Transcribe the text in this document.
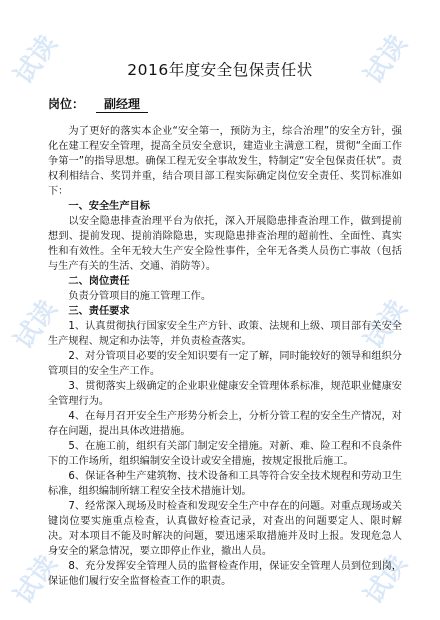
试读	试读
试读	试读
试读	试读
2016年度安全包保责任状
岗位： 副经理

为了更好的落实本企业“安全第一，预防为主，综合治理”的安全方针，强化在建工程安全管理，提高全员安全意识，建造业主满意工程，贯彻“全面工作争第一”的指导思想。确保工程无安全事故发生，特制定“安全包保责任状”。责权利相结合、奖罚并重，结合项目部工程实际确定岗位安全责任、奖罚标准如下：

一、安全生产目标

以安全隐患排查治理平台为依托，深入开展隐患排查治理工作，做到提前想到、提前发现、提前消除隐患，实现隐患排查治理的超前性、全面性、真实性和有效性。全年无较大生产安全险性事件，全年无各类人员伤亡事故（包括与生产有关的生活、交通、消防等）。

二、岗位责任

负责分管项目的施工管理工作。

三、责任要求

1、认真贯彻执行国家安全生产方针、政策、法规和上级、项目部有关安全生产规程、规定和办法等，并负责检查落实。

2、对分管项目必要的安全知识要有一定了解，同时能较好的领导和组织分管项目的安全生产工作。

3、贯彻落实上级确定的企业职业健康安全管理体系标准，规范职业健康安全管理行为。

4、在每月召开安全生产形势分析会上，分析分管工程的安全生产情况，对存在问题，提出具体改进措施。

5、在施工前，组织有关部门制定安全措施。对新、难、险工程和不良条件下的工作场所，组织编制安全设计或安全措施，按规定报批后施工。

6、保证各种生产建筑物、技术设备和工具等符合安全技术规程和劳动卫生标准，组织编制所辖工程安全技术措施计划。

7、经常深入现场及时检查和发现安全生产中存在的问题。对重点现场或关键岗位要实施重点检查，认真做好检查记录，对查出的问题要定人、限时解决。对本项目不能及时解决的问题，要迅速采取措施并及时上报。发现危急人身安全的紧急情况，要立即停止作业，撤出人员。

8、充分发挥安全管理人员的监督检查作用，保证安全管理人员到位到岗，保证他们履行安全监督检查工作的职责。
